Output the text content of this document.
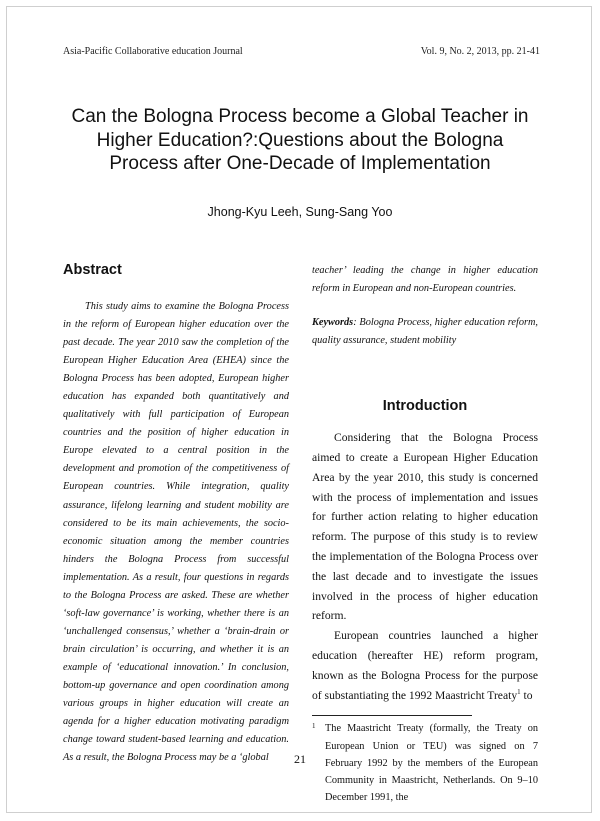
Asia-Pacific Collaborative education Journal	Vol. 9, No. 2, 2013, pp. 21-41
Can the Bologna Process become a Global Teacher in
Higher Education?:Questions about the Bologna
Process after One-Decade of Implementation
Jhong-Kyu Leeh, Sung-Sang Yoo
Abstract

This study aims to examine the Bologna Process in the reform of European higher education over the past decade. The year 2010 saw the completion of the European Higher Education Area (EHEA) since the Bologna Process has been adopted, European higher education has expanded both quantitatively and qualitatively with full participation of European countries and the position of higher education in Europe elevated to a central position in the development and promotion of the competitiveness of European countries. While integration, quality assurance, lifelong learning and student mobility are considered to be its main achievements, the socio-economic situation among the member countries hinders the Bologna Process from successful implementation. As a result, four questions in regards to the Bologna Process are asked. These are whether ‘soft-law governance’ is working, whether there is an ‘unchallenged consensus,’ whether a ‘brain-drain or brain circulation’ is occurring, and whether it is an example of ‘educational innovation.’ In conclusion, bottom-up governance and open coordination among various groups in higher education will create an agenda for a higher education motivating paradigm change toward student-based learning and education. As a result, the Bologna Process may be a ‘global

teacher’ leading the change in higher education reform in European and non-European countries.

Keywords: Bologna Process, higher education reform, quality assurance, student mobility

Introduction

Considering that the Bologna Process aimed to create a European Higher Education Area by the year 2010, this study is concerned with the process of implementation and issues for further action relating to higher education reform. The purpose of this study is to review the implementation of the Bologna Process over the last decade and to investigate the issues involved in the process of higher education reform.

European countries launched a higher education (hereafter HE) reform program, known as the Bologna Process for the purpose of substantiating the 1992 Maastricht Treaty$^1$ to

1 The Maastricht Treaty (formally, the Treaty on European Union or TEU) was signed on 7 February 1992 by the members of the European Community in Maastricht, Netherlands. On 9–10 December 1991, the

21
